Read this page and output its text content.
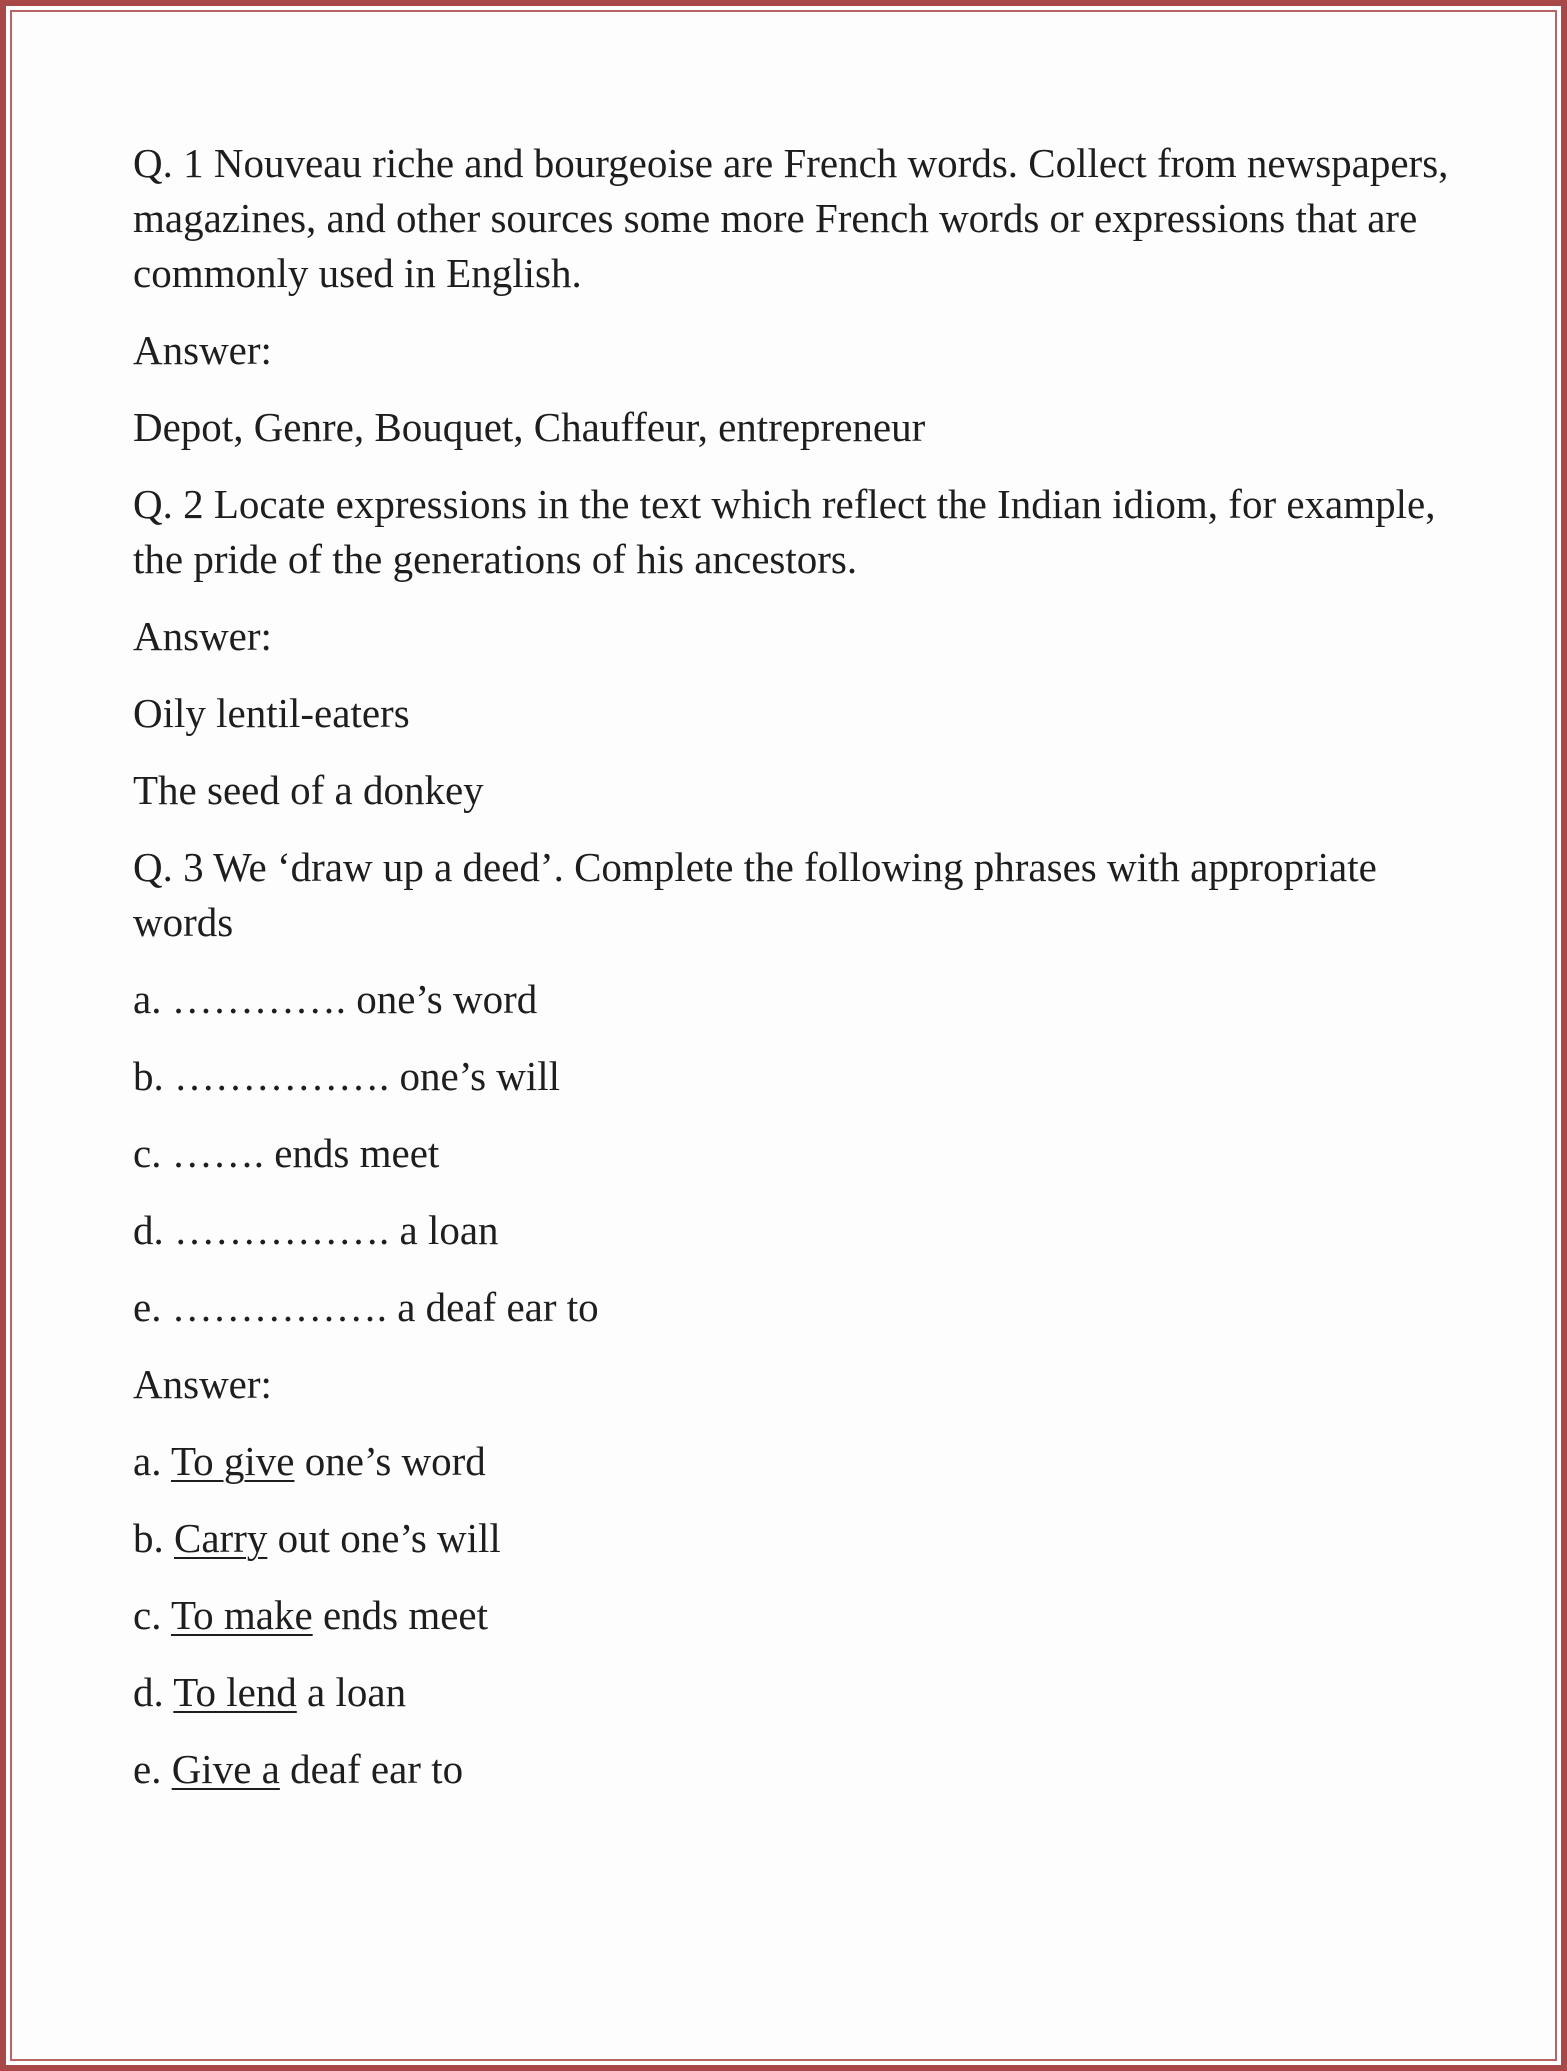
Q. 1 Nouveau riche and bourgeoise are French words. Collect from newspapers, magazines, and other sources some more French words or expressions that are commonly used in English.

Answer:

Depot, Genre, Bouquet, Chauffeur, entrepreneur

Q. 2 Locate expressions in the text which reflect the Indian idiom, for example, the pride of the generations of his ancestors.

Answer:

Oily lentil-eaters

The seed of a donkey

Q. 3 We ‘draw up a deed’. Complete the following phrases with appropriate words

a. …………. one’s word

b. ……………. one’s will

c. ……. ends meet

d. ……………. a loan

e. ……………. a deaf ear to

Answer:

a. To give one’s word

b. Carry out one’s will

c. To make ends meet

d. To lend a loan

e. Give a deaf ear to
